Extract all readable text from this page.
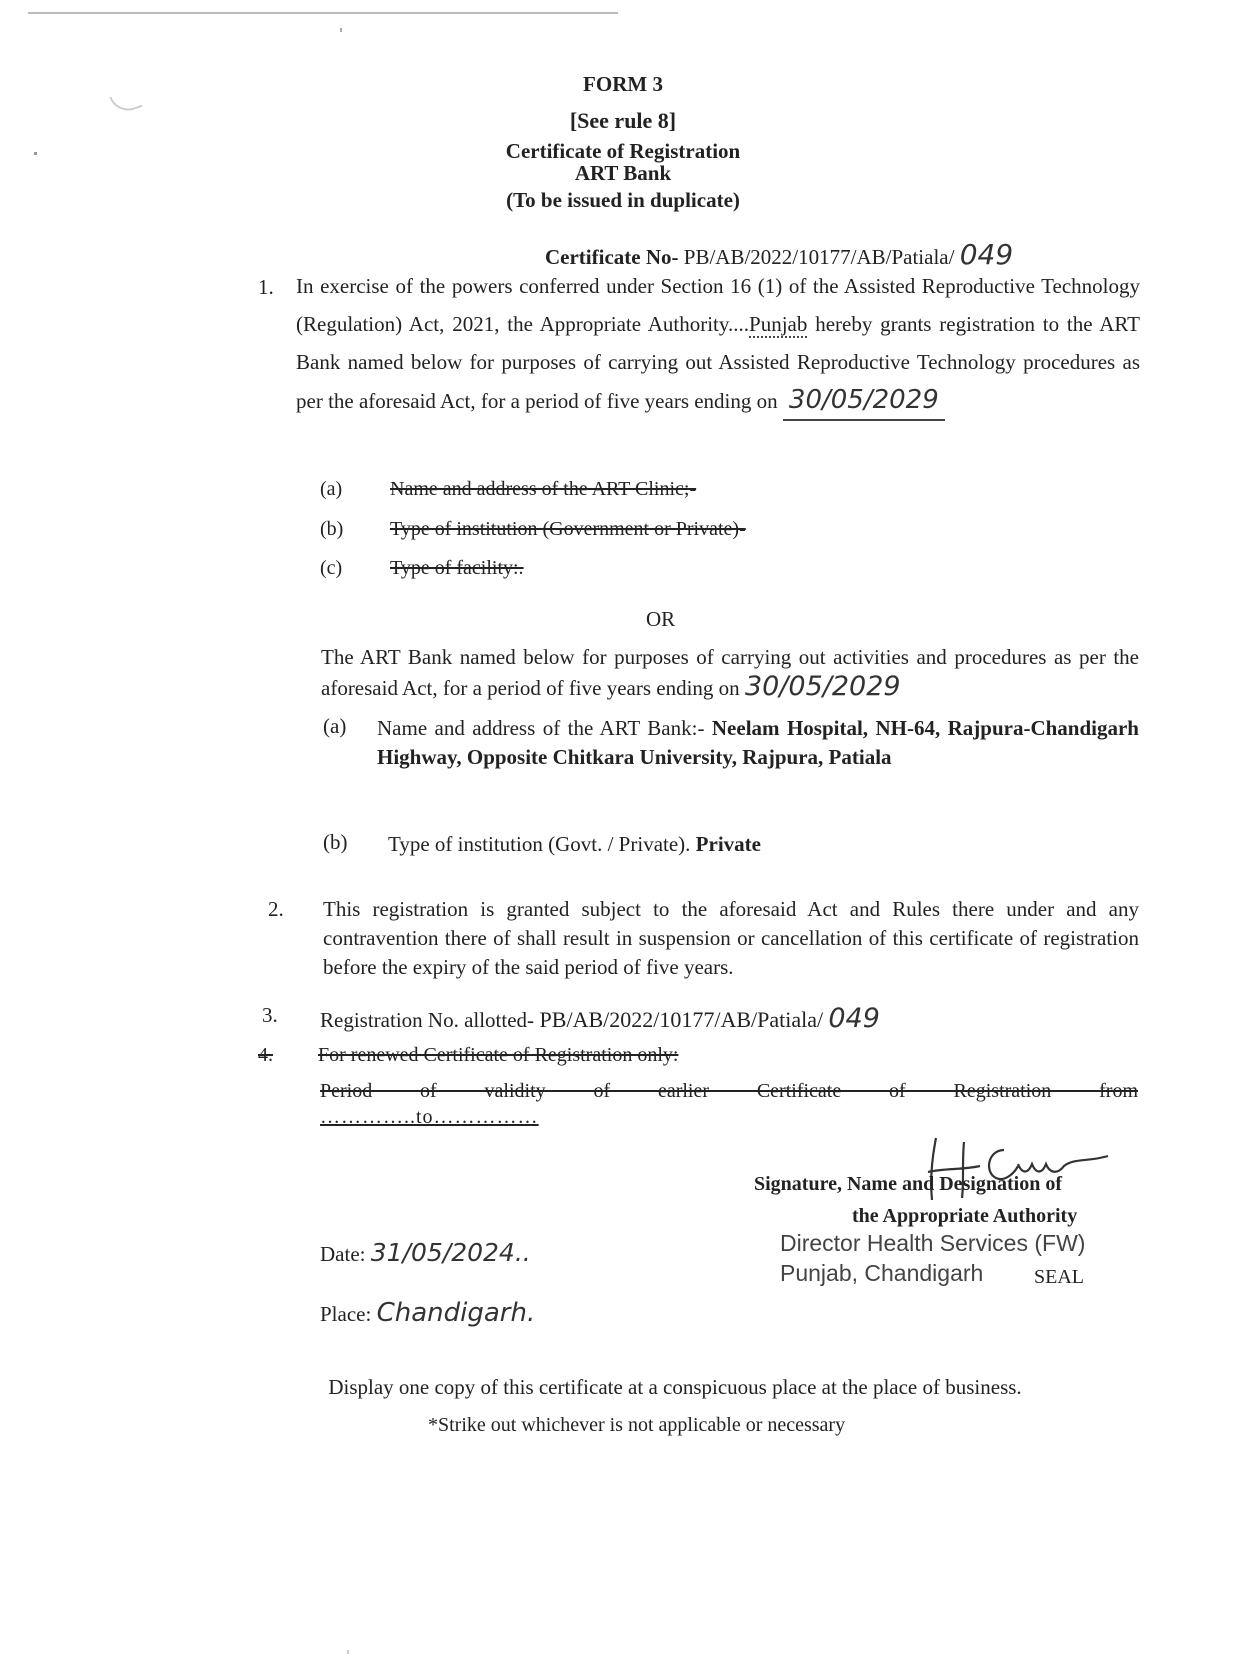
FORM 3
[See rule 8]
Certificate of Registration
ART Bank
(To be issued in duplicate)
Certificate No- PB/AB/2022/10177/AB/Patiala/ 049
1. In exercise of the powers conferred under Section 16 (1) of the Assisted Reproductive Technology (Regulation) Act, 2021, the Appropriate Authority....Punjab hereby grants registration to the ART Bank named below for purposes of carrying out Assisted Reproductive Technology procedures as per the aforesaid Act, for a period of five years ending on 30/05/2029
(a) Name and address of the ART Clinic;-
(b) Type of institution (Government or Private)-
(c) Type of facility:.
OR
The ART Bank named below for purposes of carrying out activities and procedures as per the aforesaid Act, for a period of five years ending on 30/05/2029
(a) Name and address of the ART Bank:- Neelam Hospital, NH-64, Rajpura-Chandigarh Highway, Opposite Chitkara University, Rajpura, Patiala
(b) Type of institution (Govt. / Private). Private
2. This registration is granted subject to the aforesaid Act and Rules there under and any contravention there of shall result in suspension or cancellation of this certificate of registration before the expiry of the said period of five years.
3. Registration No. allotted- PB/AB/2022/10177/AB/Patiala/ 049
4. For renewed Certificate of Registration only:
Period of validity of earlier Certificate of Registration from
…………..to……………
Signature, Name and Designation of
the Appropriate Authority
Director Health Services (FW)
Punjab, Chandigarh	SEAL
Date: 31/05/2024..
Place: Chandigarh.
Display one copy of this certificate at a conspicuous place at the place of business.
*Strike out whichever is not applicable or necessary
